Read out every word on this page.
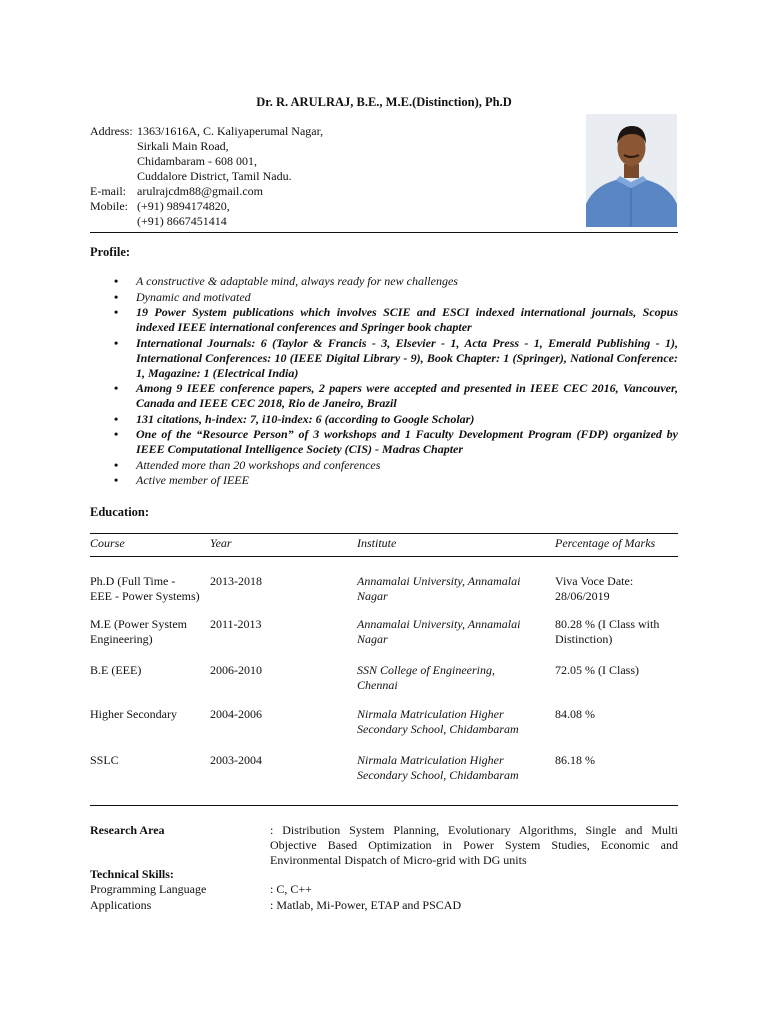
Dr. R. ARULRAJ, B.E., M.E.(Distinction), Ph.D
Address: 1363/1616A, C. Kaliyaperumal Nagar,
Sirkali Main Road,
Chidambaram - 608 001,
Cuddalore District, Tamil Nadu.
E-mail: arulrajcdm88@gmail.com
Mobile: (+91) 9894174820,
(+91) 8667451414
Profile:
• A constructive & adaptable mind, always ready for new challenges
• Dynamic and motivated
• 19 Power System publications which involves SCIE and ESCI indexed international journals, Scopus indexed IEEE international conferences and Springer book chapter
• International Journals: 6 (Taylor & Francis - 3, Elsevier - 1, Acta Press - 1, Emerald Publishing - 1), International Conferences: 10 (IEEE Digital Library - 9), Book Chapter: 1 (Springer), National Conference: 1, Magazine: 1 (Electrical India)
• Among 9 IEEE conference papers, 2 papers were accepted and presented in IEEE CEC 2016, Vancouver, Canada and IEEE CEC 2018, Rio de Janeiro, Brazil
• 131 citations, h-index: 7, i10-index: 6 (according to Google Scholar)
• One of the “Resource Person” of 3 workshops and 1 Faculty Development Program (FDP) organized by IEEE Computational Intelligence Society (CIS) - Madras Chapter
• Attended more than 20 workshops and conferences
• Active member of IEEE
Education:
Course	Year	Institute	Percentage of Marks
Ph.D (Full Time - EEE - Power Systems)	2013-2018	Annamalai University, Annamalai Nagar	Viva Voce Date: 28/06/2019
M.E (Power System Engineering)	2011-2013	Annamalai University, Annamalai Nagar	80.28 % (I Class with Distinction)
B.E (EEE)	2006-2010	SSN College of Engineering, Chennai	72.05 % (I Class)
Higher Secondary	2004-2006	Nirmala Matriculation Higher Secondary School, Chidambaram	84.08 %
SSLC	2003-2004	Nirmala Matriculation Higher Secondary School, Chidambaram	86.18 %
Research Area	: Distribution System Planning, Evolutionary Algorithms, Single and Multi Objective Based Optimization in Power System Studies, Economic and Environmental Dispatch of Micro-grid with DG units
Technical Skills:
Programming Language	: C, C++
Applications	: Matlab, Mi-Power, ETAP and PSCAD
